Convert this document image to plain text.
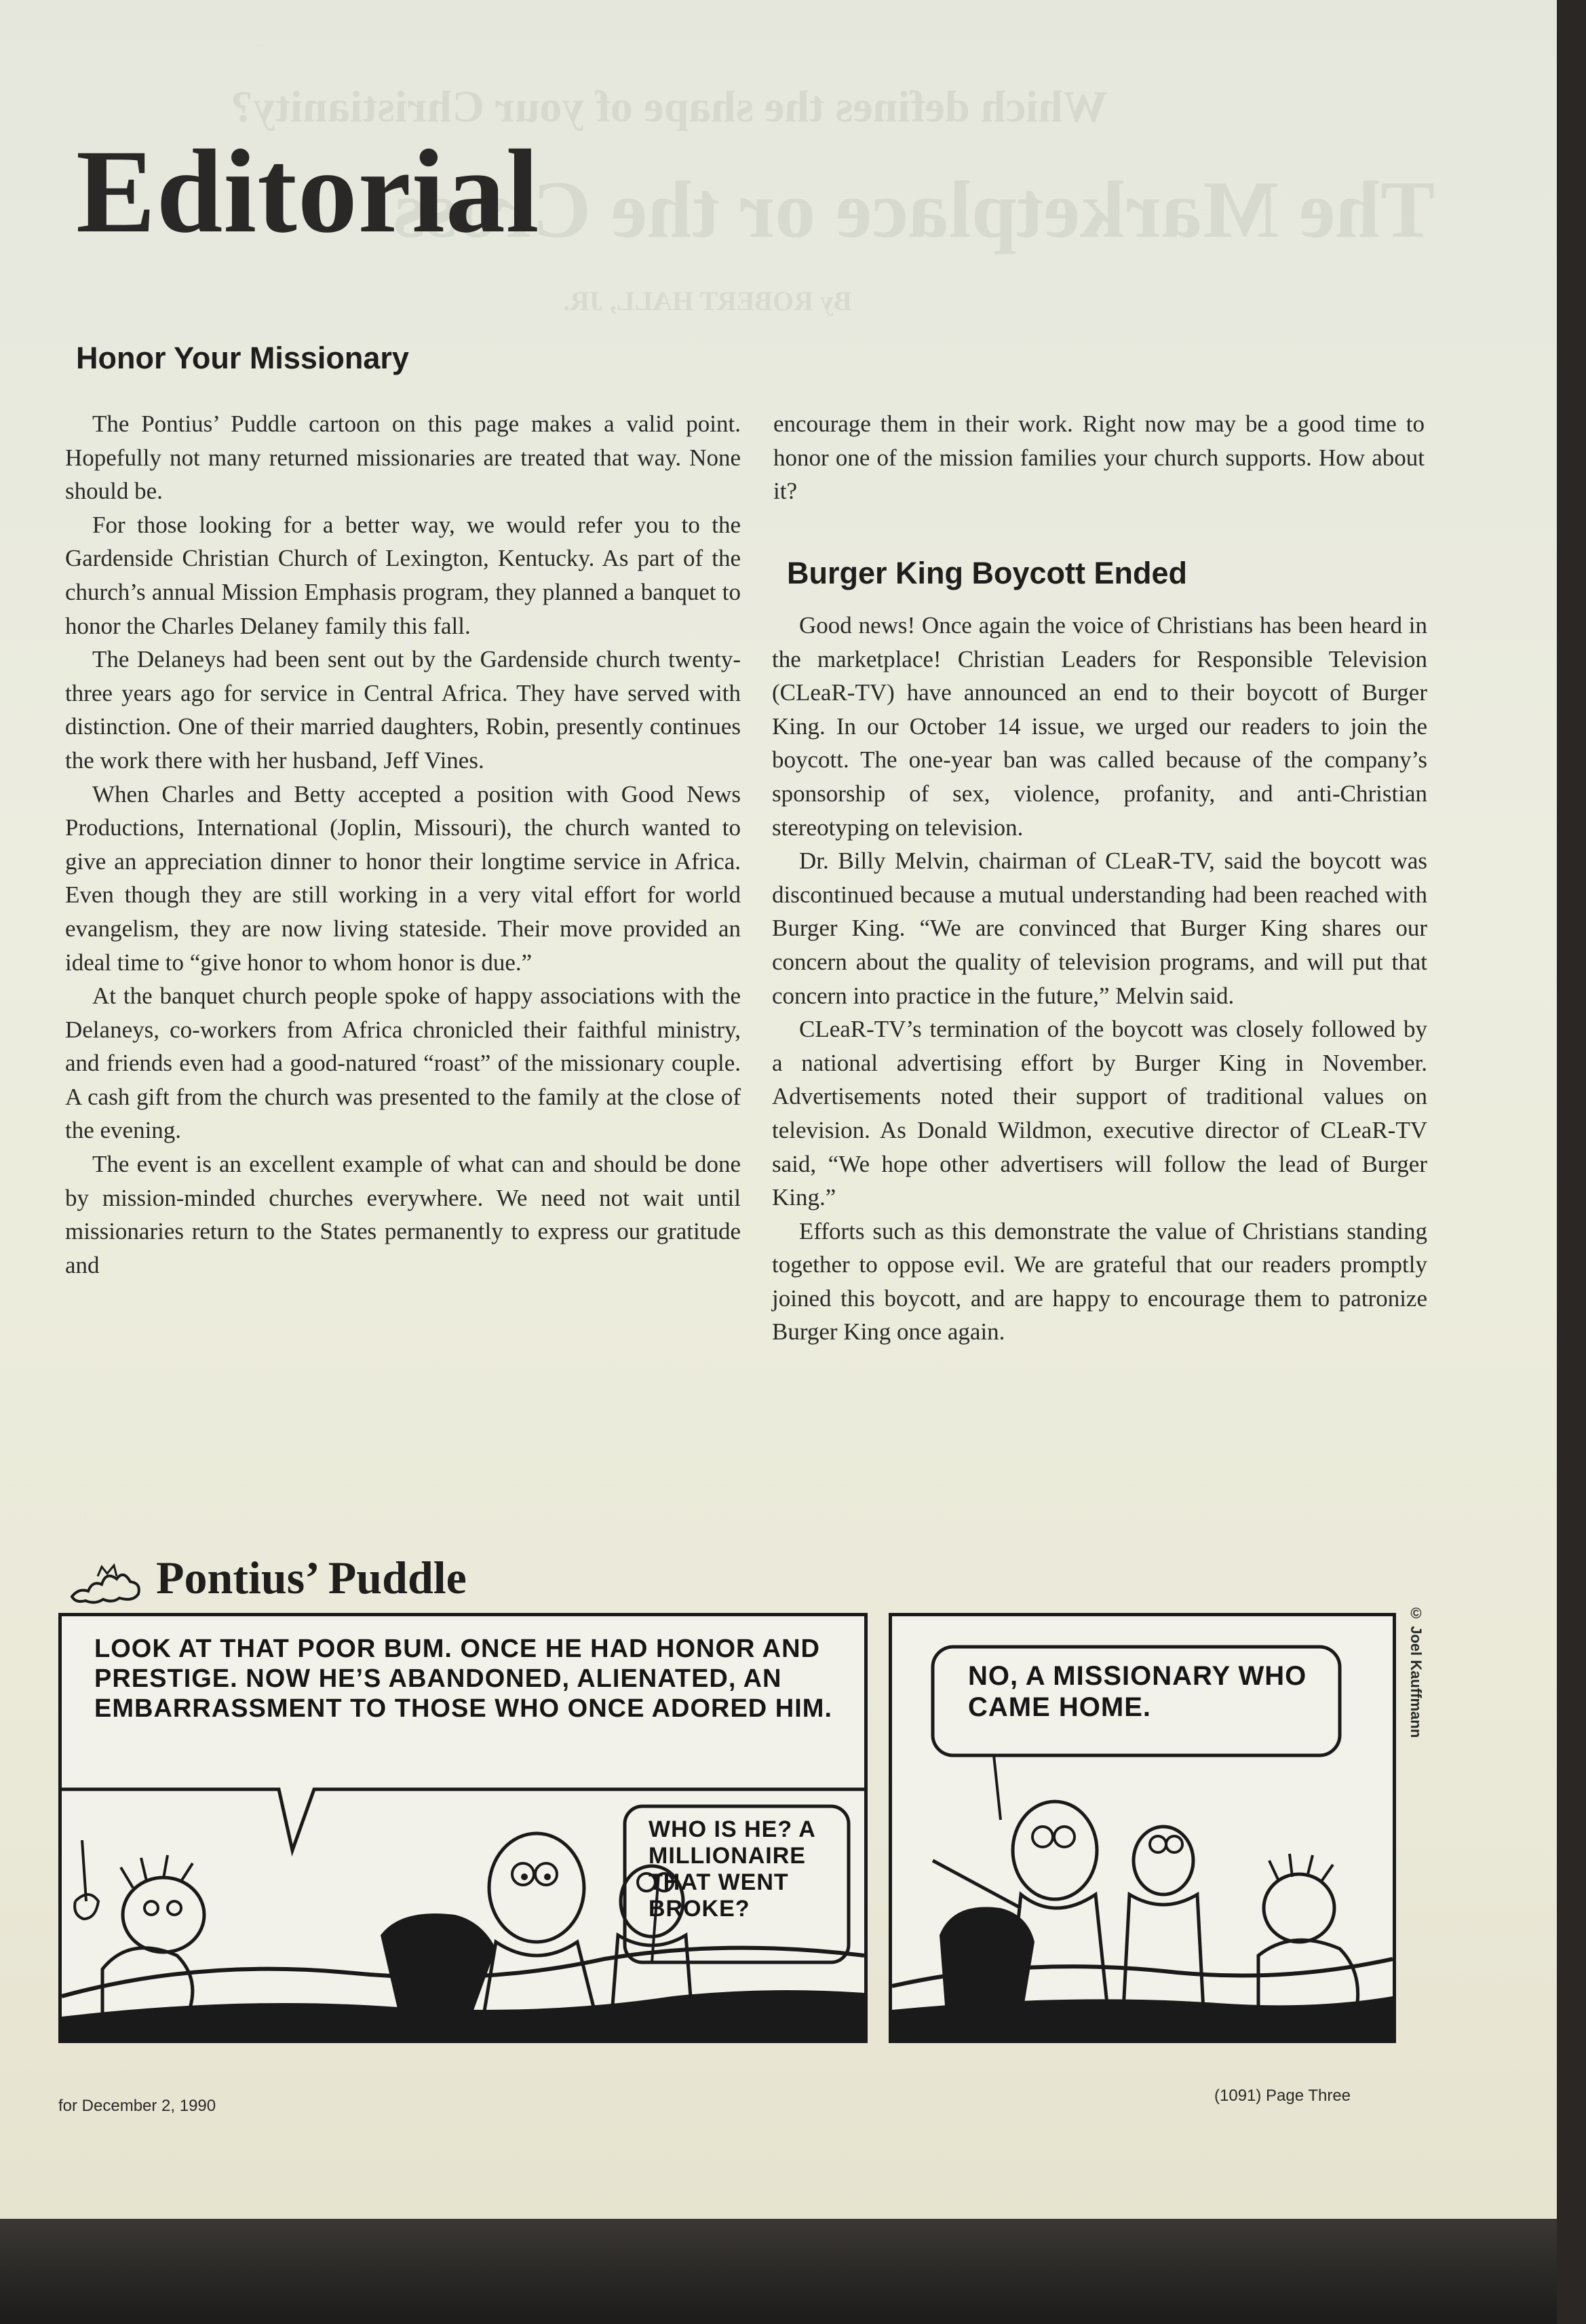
Which defines the shape of your Christianity?
The Marketplace or the Cross
By ROBERT HALL, JR.
Editorial
Honor Your Missionary

The Pontius’ Puddle cartoon on this page makes a valid point. Hopefully not many returned missionaries are treated that way. None should be.

For those looking for a better way, we would refer you to the Gardenside Christian Church of Lexington, Kentucky. As part of the church’s annual Mission Emphasis program, they planned a banquet to honor the Charles Delaney family this fall.

The Delaneys had been sent out by the Gardenside church twenty-three years ago for service in Central Africa. They have served with distinction. One of their married daughters, Robin, presently continues the work there with her husband, Jeff Vines.

When Charles and Betty accepted a position with Good News Productions, International (Joplin, Missouri), the church wanted to give an appreciation dinner to honor their longtime service in Africa. Even though they are still working in a very vital effort for world evangelism, they are now living stateside. Their move provided an ideal time to “give honor to whom honor is due.”

At the banquet church people spoke of happy associations with the Delaneys, co-workers from Africa chronicled their faithful ministry, and friends even had a good-natured “roast” of the missionary couple. A cash gift from the church was presented to the family at the close of the evening.

The event is an excellent example of what can and should be done by mission-minded churches everywhere. We need not wait until missionaries return to the States permanently to express our gratitude and

encourage them in their work. Right now may be a good time to honor one of the mission families your church supports. How about it?

Burger King Boycott Ended

Good news! Once again the voice of Christians has been heard in the marketplace! Christian Leaders for Responsible Television (CLeaR-TV) have announced an end to their boycott of Burger King. In our October 14 issue, we urged our readers to join the boycott. The one-year ban was called because of the company’s sponsorship of sex, violence, profanity, and anti-Christian stereotyping on television.

Dr. Billy Melvin, chairman of CLeaR-TV, said the boycott was discontinued because a mutual understanding had been reached with Burger King. “We are convinced that Burger King shares our concern about the quality of television programs, and will put that concern into practice in the future,” Melvin said.

CLeaR-TV’s termination of the boycott was closely followed by a national advertising effort by Burger King in November. Advertisements noted their support of traditional values on television. As Donald Wildmon, executive director of CLeaR-TV said, “We hope other advertisers will follow the lead of Burger King.”

Efforts such as this demonstrate the value of Christians standing together to oppose evil. We are grateful that our readers promptly joined this boycott, and are happy to encourage them to patronize Burger King once again.

Pontius’ Puddle
LOOK AT THAT POOR BUM. ONCE HE HAD HONOR AND PRESTIGE. NOW HE’S ABANDONED, ALIENATED, AN EMBARRASSMENT TO THOSE WHO ONCE ADORED HIM.
WHO IS HE? A MILLIONAIRE THAT WENT BROKE?
NO, A MISSIONARY WHO CAME HOME.	© Joel Kauffmann
for December 2, 1990
(1091) Page Three
